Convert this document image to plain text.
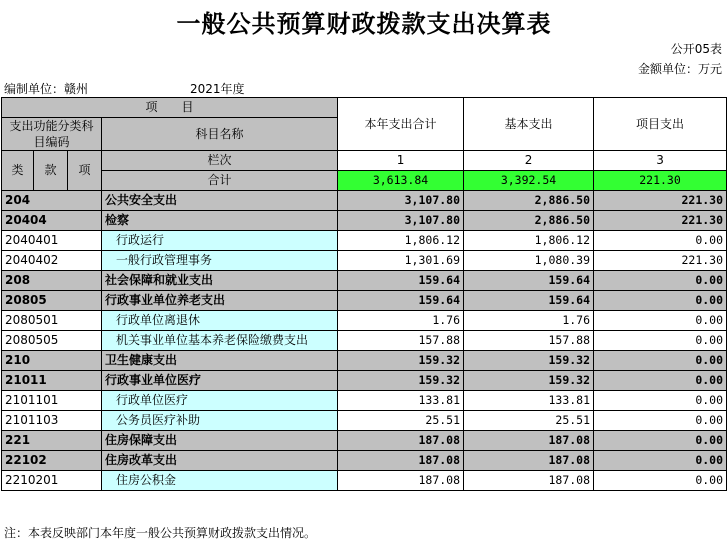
一般公共预算财政拨款支出决算表
公开05表
金额单位：万元
编制单位：赣州	2021年度
项　　目				本年支出合计	基本支出	项目支出
支出功能分类科目编码			科目名称			

类	款	项	栏次	1	2	3
			合计	3,613.84	3,392.54	221.30
204			公共安全支出	3,107.80	2,886.50	221.30
20404			检察	3,107.80	2,886.50	221.30
2040401			行政运行	1,806.12	1,806.12	0.00
2040402			一般行政管理事务	1,301.69	1,080.39	221.30
208			社会保障和就业支出	159.64	159.64	0.00
20805			行政事业单位养老支出	159.64	159.64	0.00
2080501			行政单位离退休	1.76	1.76	0.00
2080505			机关事业单位基本养老保险缴费支出	157.88	157.88	0.00
210			卫生健康支出	159.32	159.32	0.00
21011			行政事业单位医疗	159.32	159.32	0.00
2101101			行政单位医疗	133.81	133.81	0.00
2101103			公务员医疗补助	25.51	25.51	0.00
221			住房保障支出	187.08	187.08	0.00
22102			住房改革支出	187.08	187.08	0.00
2210201			住房公积金	187.08	187.08	0.00
注：本表反映部门本年度一般公共预算财政拨款支出情况。
